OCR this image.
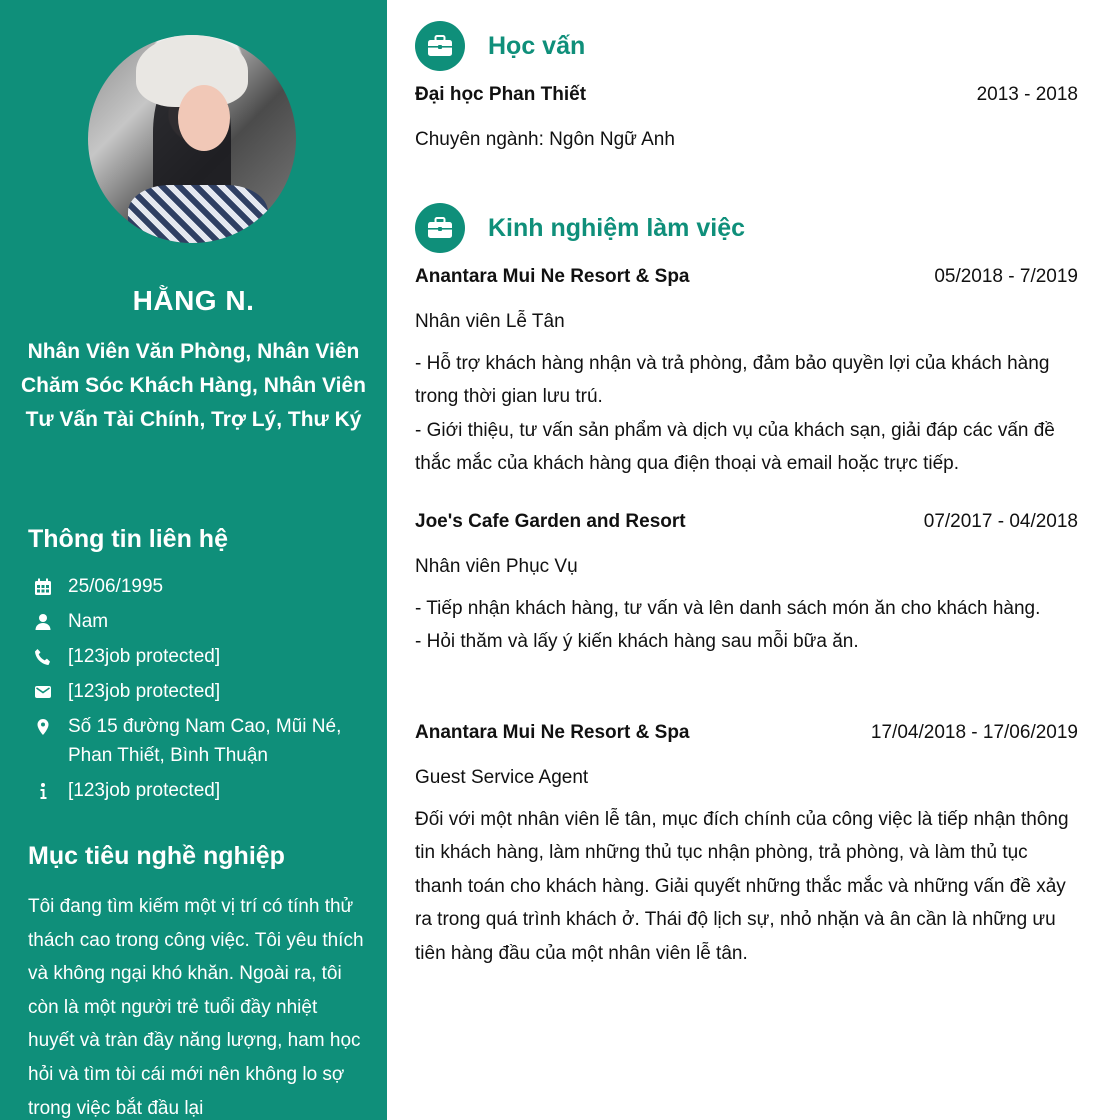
HẰNG N.
Nhân Viên Văn Phòng, Nhân Viên Chăm Sóc Khách Hàng, Nhân Viên Tư Vấn Tài Chính, Trợ Lý, Thư Ký
Thông tin liên hệ
25/06/1995
Nam
[123job protected]
[123job protected]
Số 15 đường Nam Cao, Mũi Né, Phan Thiết, Bình Thuận
[123job protected]
Mục tiêu nghề nghiệp
Tôi đang tìm kiếm một vị trí có tính thử thách cao trong công việc. Tôi yêu thích và không ngại khó khăn. Ngoài ra, tôi còn là một người trẻ tuổi đầy nhiệt huyết và tràn đầy năng lượng, ham học hỏi và tìm tòi cái mới nên không lo sợ trong việc bắt đầu lại
Học vấn
Đại học Phan Thiết	2013 - 2018
Chuyên ngành: Ngôn Ngữ Anh
Kinh nghiệm làm việc
Anantara Mui Ne Resort & Spa	05/2018 - 7/2019
Nhân viên Lễ Tân
- Hỗ trợ khách hàng nhận và trả phòng, đảm bảo quyền lợi của khách hàng trong thời gian lưu trú.
- Giới thiệu, tư vấn sản phẩm và dịch vụ của khách sạn, giải đáp các vấn đề thắc mắc của khách hàng qua điện thoại và email hoặc trực tiếp.
Joe's Cafe Garden and Resort	07/2017 - 04/2018
Nhân viên Phục Vụ
- Tiếp nhận khách hàng, tư vấn và lên danh sách món ăn cho khách hàng.
- Hỏi thăm và lấy ý kiến khách hàng sau mỗi bữa ăn.
Anantara Mui Ne Resort & Spa	17/04/2018 - 17/06/2019
Guest Service Agent
Đối với một nhân viên lễ tân, mục đích chính của công việc là tiếp nhận thông tin khách hàng, làm những thủ tục nhận phòng, trả phòng, và làm thủ tục thanh toán cho khách hàng. Giải quyết những thắc mắc và những vấn đề xảy ra trong quá trình khách ở. Thái độ lịch sự, nhỏ nhặn và ân cần là những ưu tiên hàng đầu của một nhân viên lễ tân.
